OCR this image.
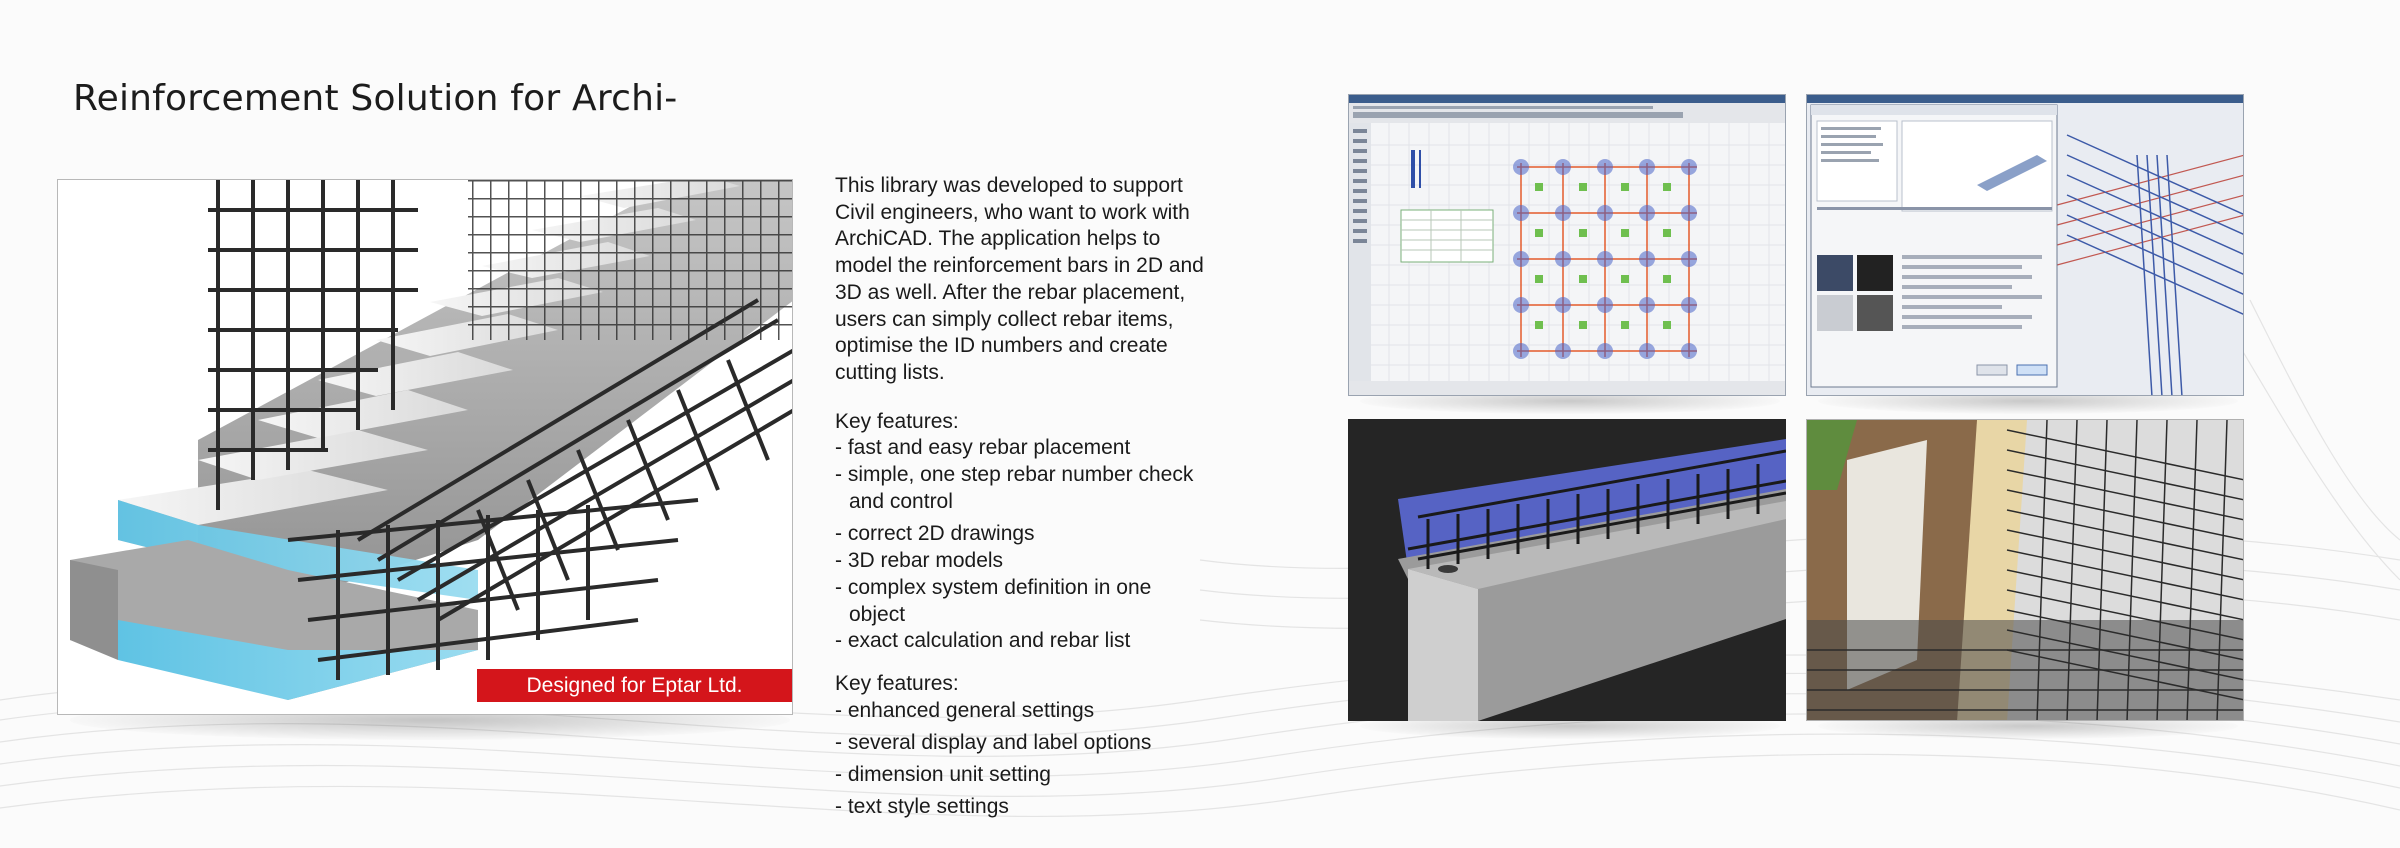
Reinforcement Solution for Archi-
Designed for Eptar Ltd.

This library was developed to support Civil engineers, who want to work with ArchiCAD. The application helps to model the reinforcement bars in 2D and 3D as well. After the rebar placement, users can simply collect rebar items, optimise the ID numbers and create cutting lists.

Key features:

- fast and easy rebar placement
- simple, one step rebar number check and control
- correct 2D drawings
- 3D rebar models
- complex system definition in one object
- exact calculation and rebar list

Key features:

- enhanced general settings
- several display and label options
- dimension unit setting
- text style settings
